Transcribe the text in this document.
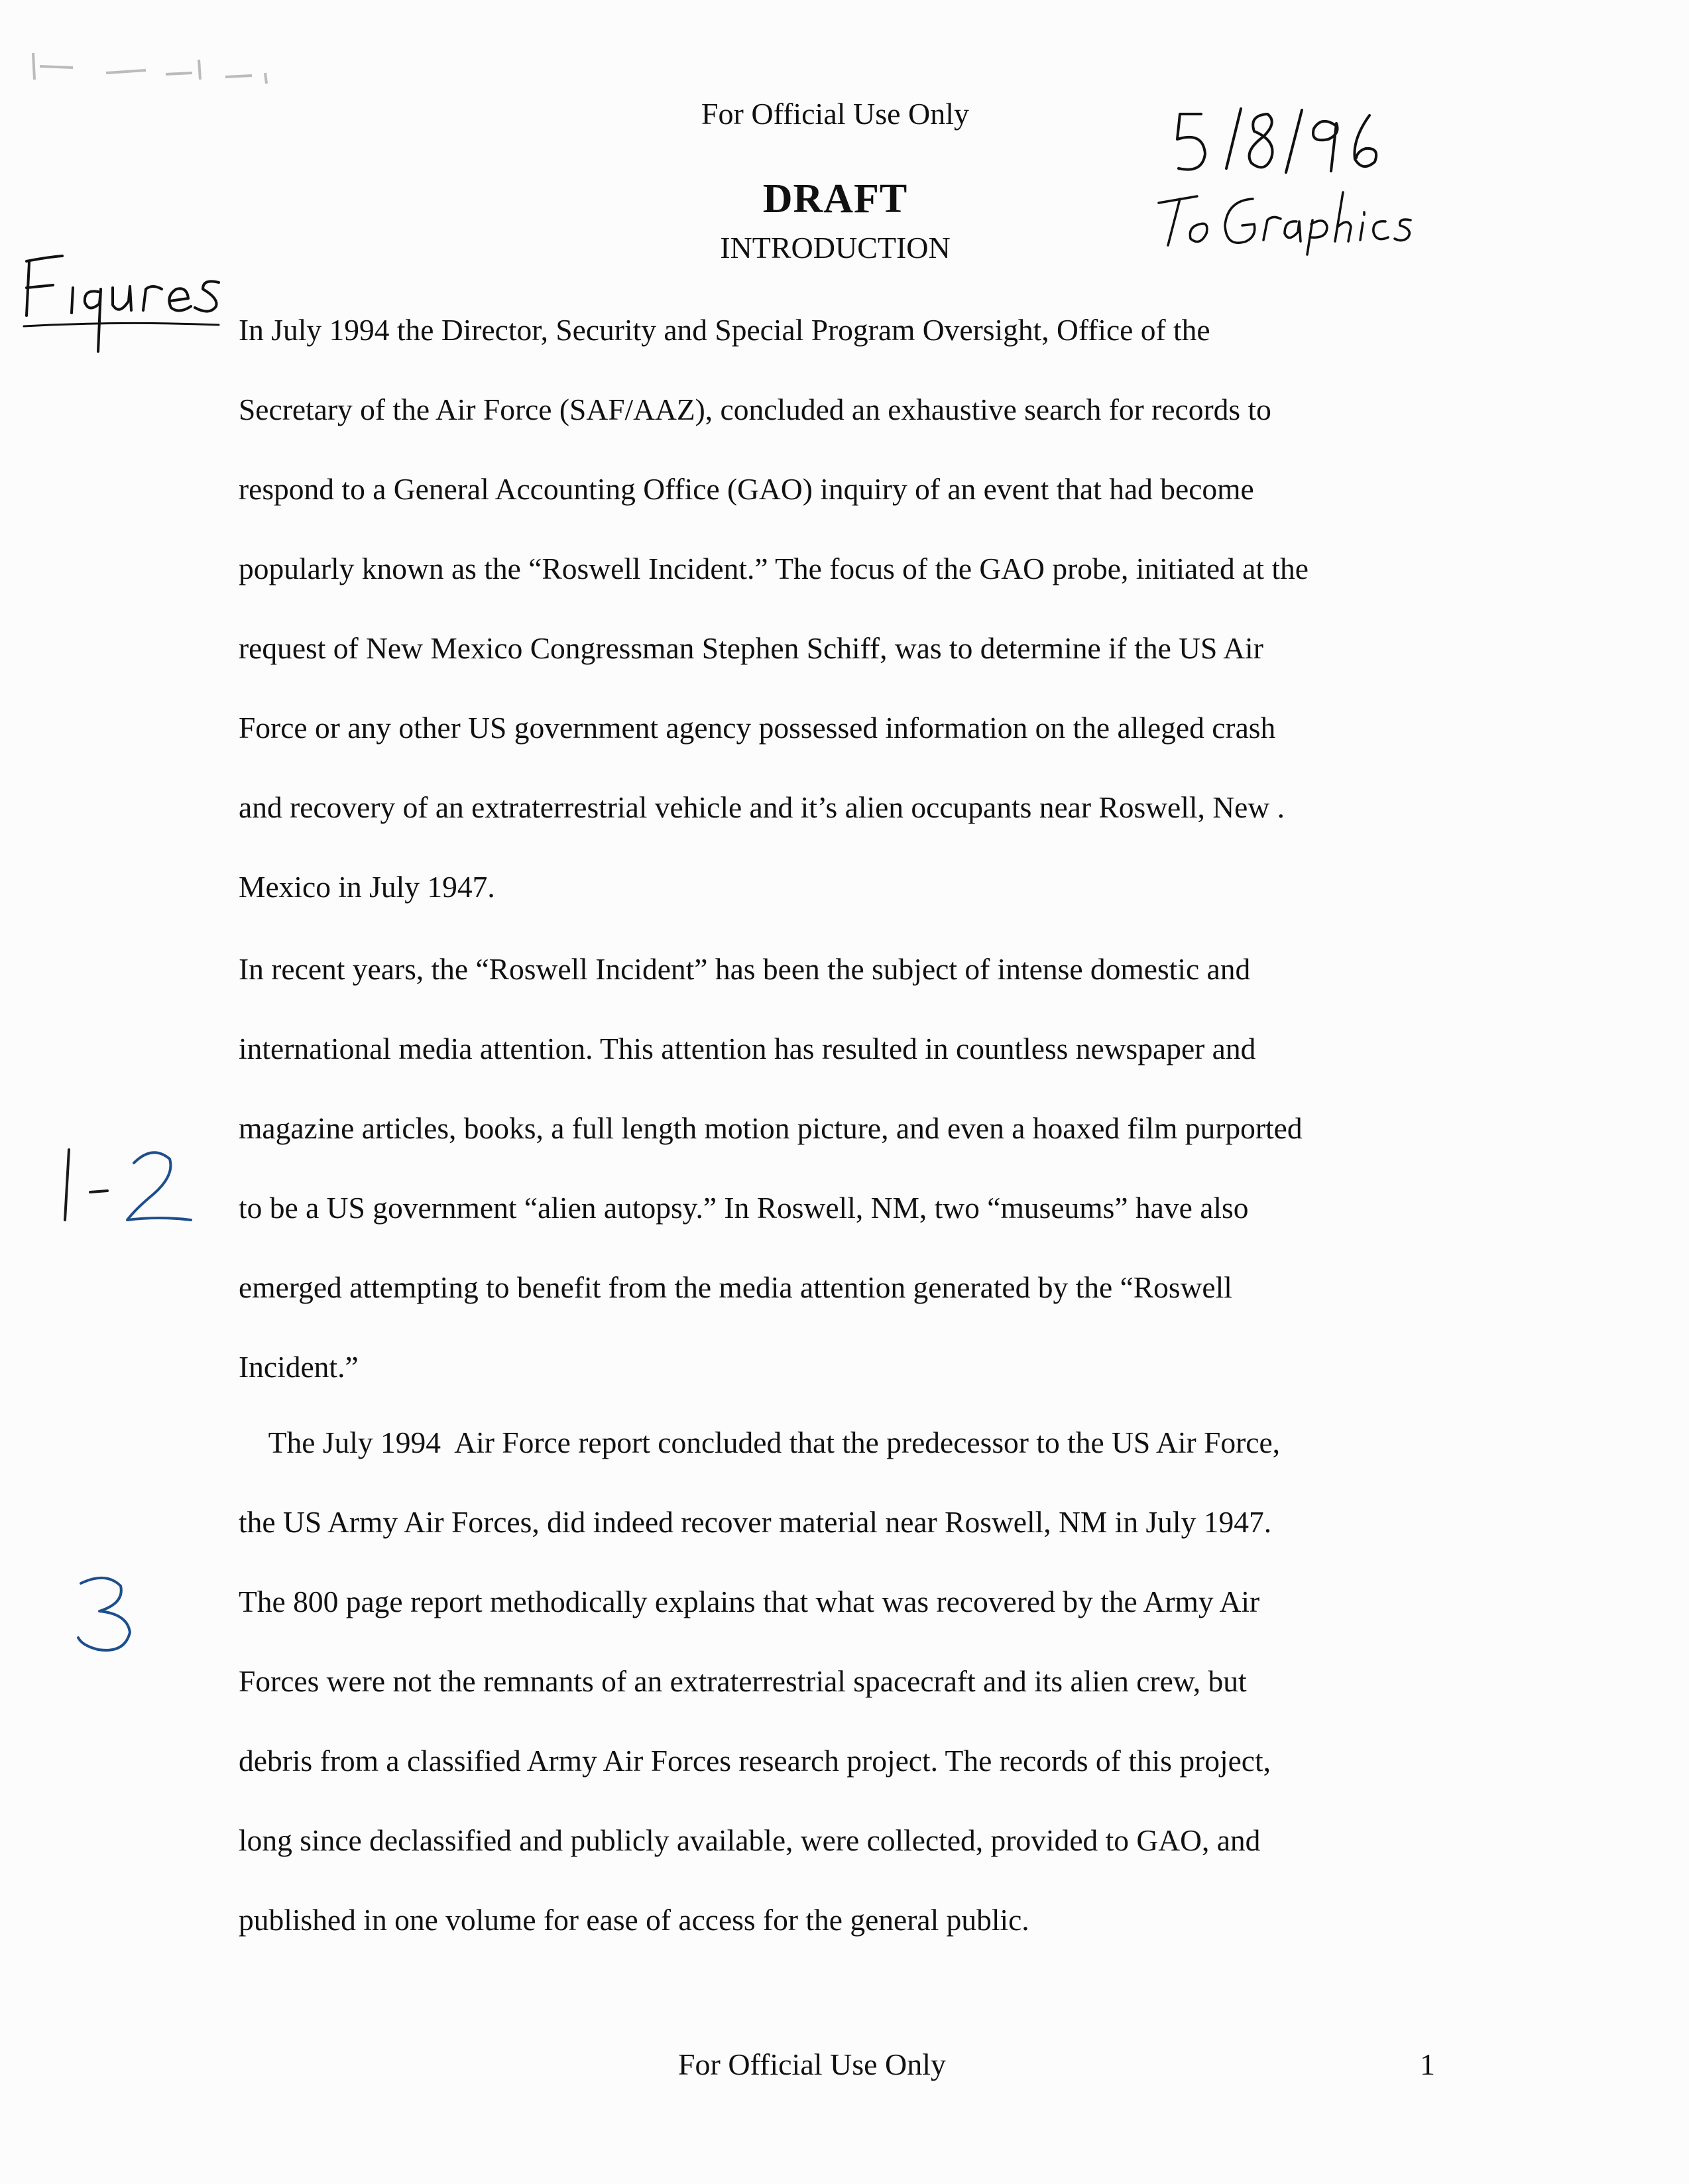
For Official Use Only
DRAFT
INTRODUCTION
In July 1994 the Director, Security and Special Program Oversight, Office of the
Secretary of the Air Force (SAF/AAZ), concluded an exhaustive search for records to
respond to a General Accounting Office (GAO) inquiry of an event that had become
popularly known as the “Roswell Incident.” The focus of the GAO probe, initiated at the
request of New Mexico Congressman Stephen Schiff, was to determine if the US Air
Force or any other US government agency possessed information on the alleged crash
and recovery of an extraterrestrial vehicle and it’s alien occupants near Roswell, New .
Mexico in July 1947.
In recent years, the “Roswell Incident” has been the subject of intense domestic and
international media attention. This attention has resulted in countless newspaper and
magazine articles, books, a full length motion picture, and even a hoaxed film purported
to be a US government “alien autopsy.” In Roswell, NM, two “museums” have also
emerged attempting to benefit from the media attention generated by the “Roswell
Incident.”
The July 1994  Air Force report concluded that the predecessor to the US Air Force,
the US Army Air Forces, did indeed recover material near Roswell, NM in July 1947.
The 800 page report methodically explains that what was recovered by the Army Air
Forces were not the remnants of an extraterrestrial spacecraft and its alien crew, but
debris from a classified Army Air Forces research project. The records of this project,
long since declassified and publicly available, were collected, provided to GAO, and
published in one volume for ease of access for the general public.
For Official Use Only	1
